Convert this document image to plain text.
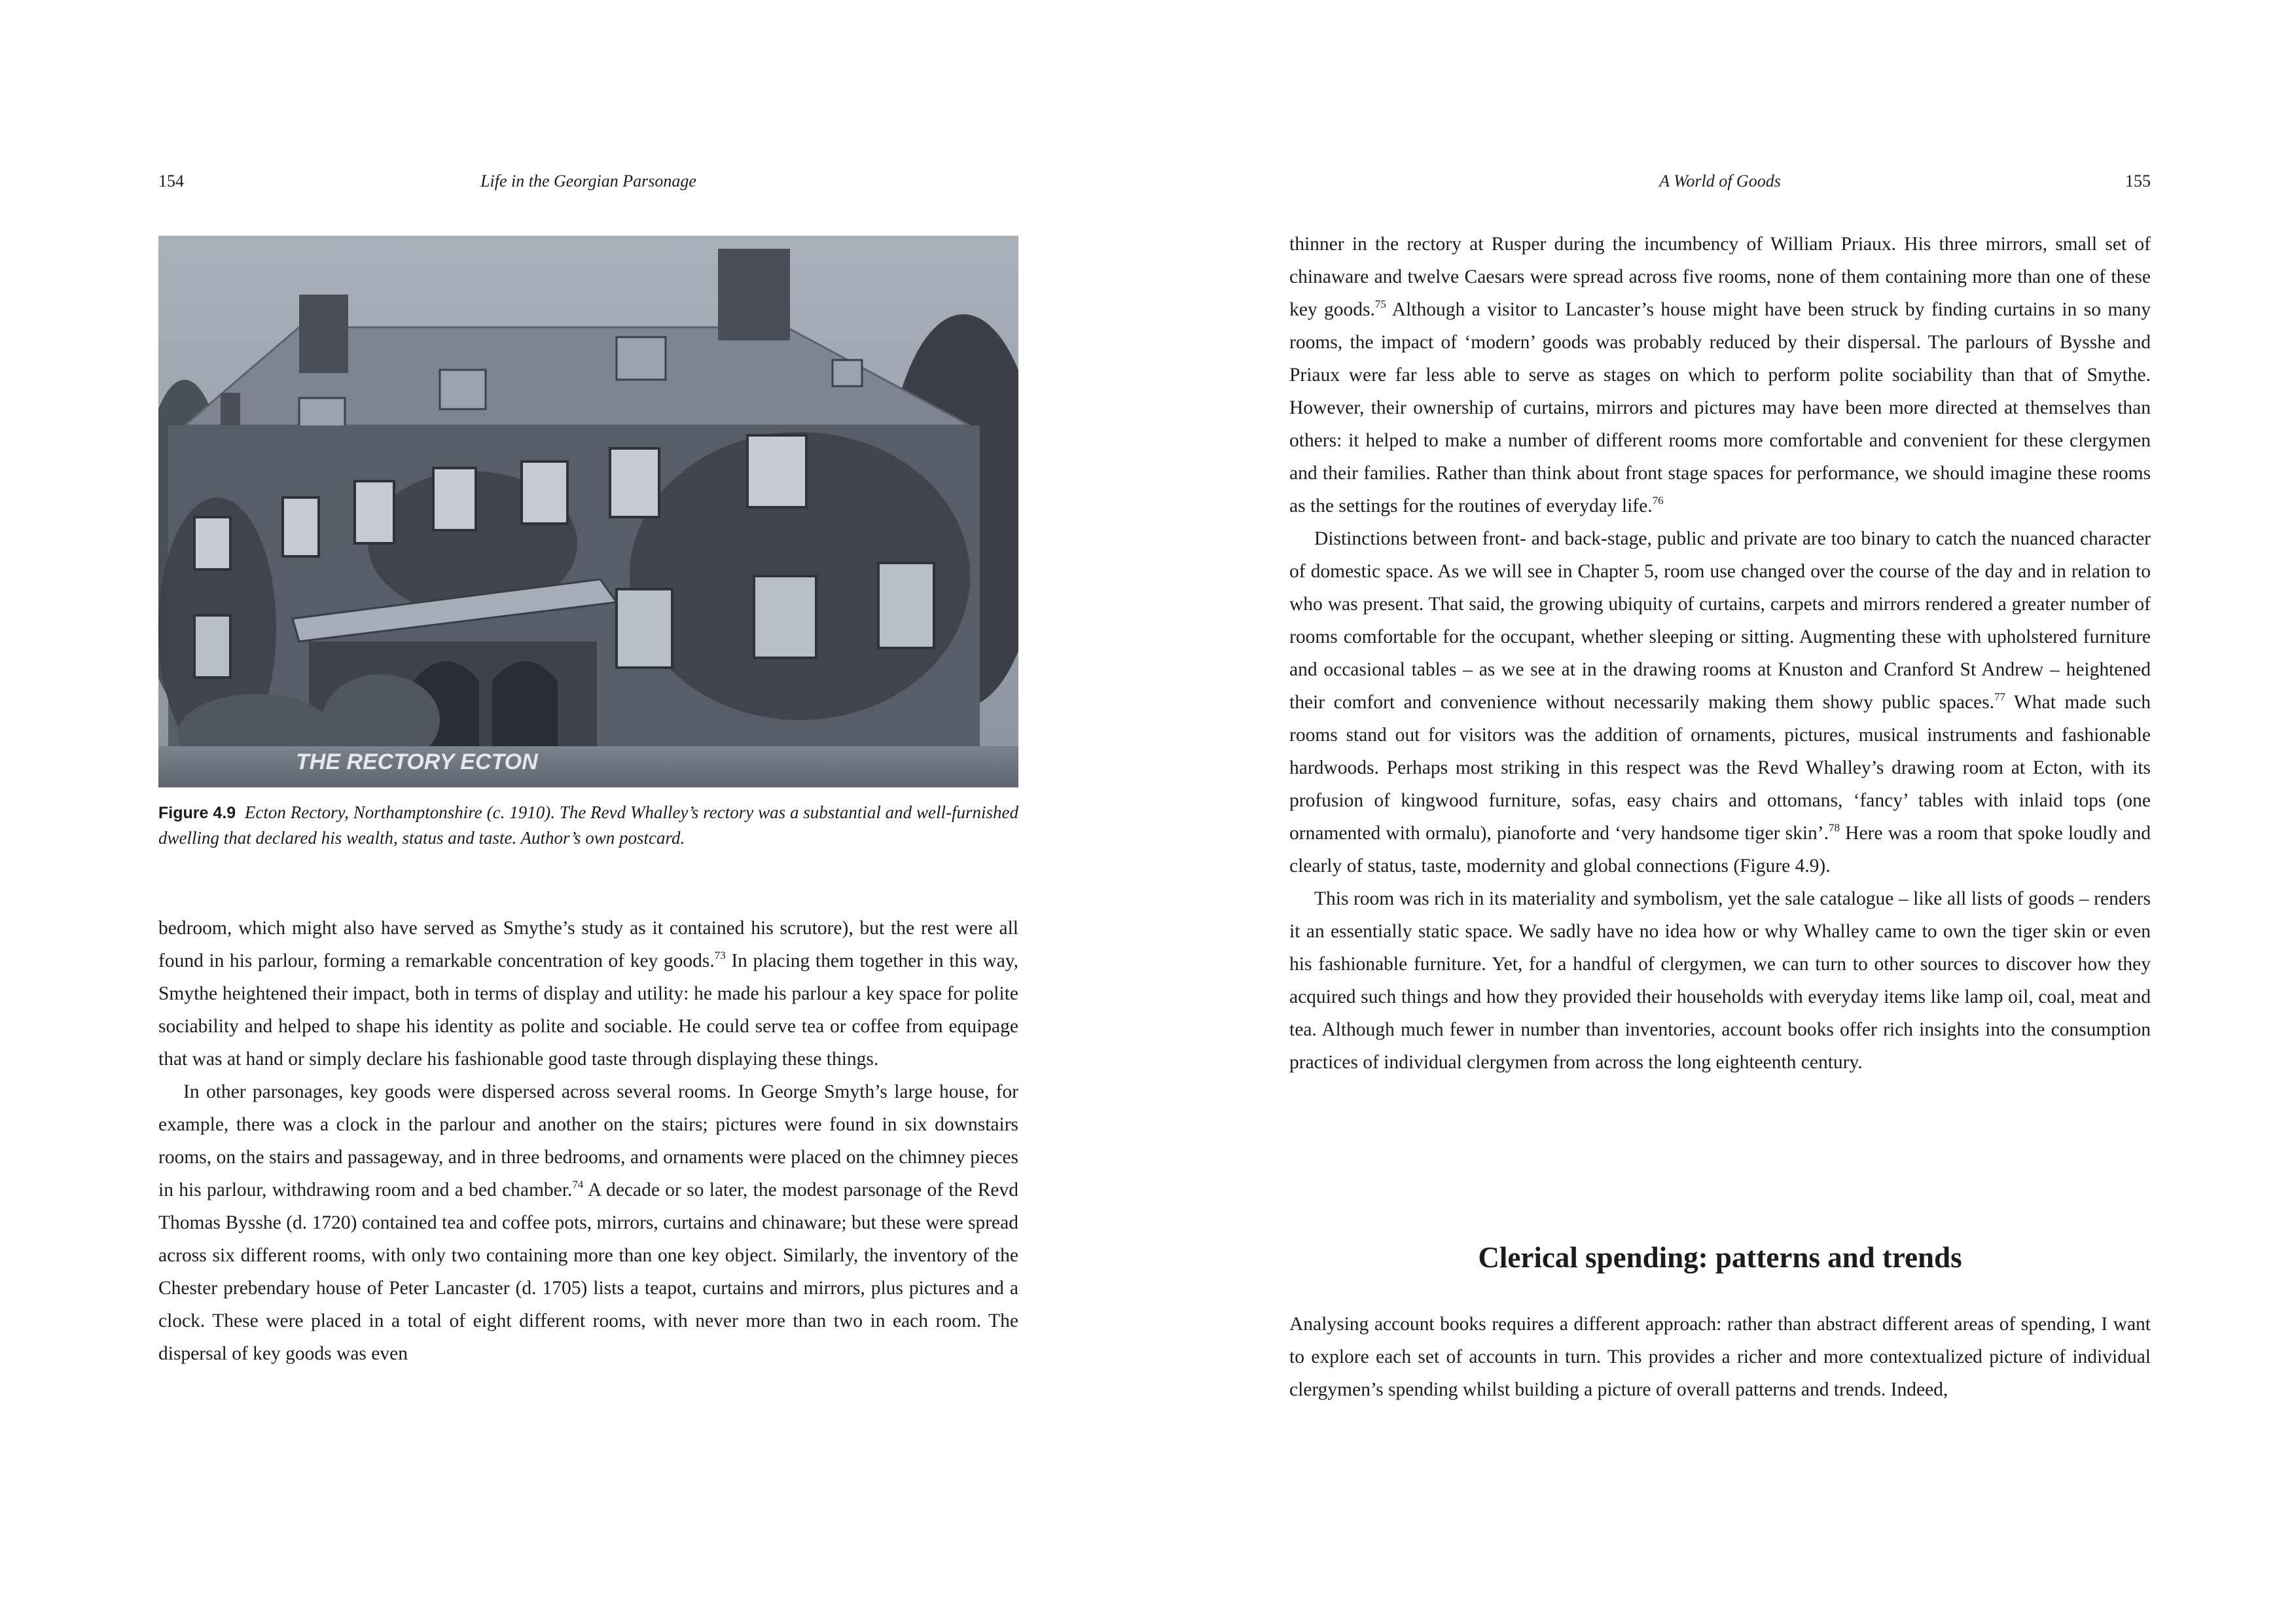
154	Life in the Georgian Parsonage
THE RECTORY ECTON
Figure 4.9 Ecton Rectory, Northamptonshire (c. 1910). The Revd Whalley’s rectory was a substantial and well-furnished dwelling that declared his wealth, status and taste. Author’s own postcard.

bedroom, which might also have served as Smythe’s study as it contained his scrutore), but the rest were all found in his parlour, forming a remarkable concentration of key goods.$^{73}$ In placing them together in this way, Smythe heightened their impact, both in terms of display and utility: he made his parlour a key space for polite sociability and helped to shape his identity as polite and sociable. He could serve tea or coffee from equipage that was at hand or simply declare his fashionable good taste through displaying these things.

In other parsonages, key goods were dispersed across several rooms. In George Smyth’s large house, for example, there was a clock in the parlour and another on the stairs; pictures were found in six downstairs rooms, on the stairs and passageway, and in three bedrooms, and ornaments were placed on the chimney pieces in his parlour, withdrawing room and a bed chamber.$^{74}$ A decade or so later, the modest parsonage of the Revd Thomas Bysshe (d. 1720) contained tea and coffee pots, mirrors, curtains and chinaware; but these were spread across six different rooms, with only two containing more than one key object. Similarly, the inventory of the Chester prebendary house of Peter Lancaster (d. 1705) lists a teapot, curtains and mirrors, plus pictures and a clock. These were placed in a total of eight different rooms, with never more than two in each room. The dispersal of key goods was even

A World of Goods	155

thinner in the rectory at Rusper during the incumbency of William Priaux. His three mirrors, small set of chinaware and twelve Caesars were spread across five rooms, none of them containing more than one of these key goods.$^{75}$ Although a visitor to Lancaster’s house might have been struck by finding curtains in so many rooms, the impact of ‘modern’ goods was probably reduced by their dispersal. The parlours of Bysshe and Priaux were far less able to serve as stages on which to perform polite sociability than that of Smythe. However, their ownership of curtains, mirrors and pictures may have been more directed at themselves than others: it helped to make a number of different rooms more comfortable and convenient for these clergymen and their families. Rather than think about front stage spaces for performance, we should imagine these rooms as the settings for the routines of everyday life.$^{76}$

Distinctions between front- and back-stage, public and private are too binary to catch the nuanced character of domestic space. As we will see in Chapter 5, room use changed over the course of the day and in relation to who was present. That said, the growing ubiquity of curtains, carpets and mirrors rendered a greater number of rooms comfortable for the occupant, whether sleeping or sitting. Augmenting these with upholstered furniture and occasional tables – as we see at in the drawing rooms at Knuston and Cranford St Andrew – heightened their comfort and convenience without necessarily making them showy public spaces.$^{77}$ What made such rooms stand out for visitors was the addition of ornaments, pictures, musical instruments and fashionable hardwoods. Perhaps most striking in this respect was the Revd Whalley’s drawing room at Ecton, with its profusion of kingwood furniture, sofas, easy chairs and ottomans, ‘fancy’ tables with inlaid tops (one ornamented with ormalu), pianoforte and ‘very handsome tiger skin’.$^{78}$ Here was a room that spoke loudly and clearly of status, taste, modernity and global connections (Figure 4.9).

This room was rich in its materiality and symbolism, yet the sale catalogue – like all lists of goods – renders it an essentially static space. We sadly have no idea how or why Whalley came to own the tiger skin or even his fashionable furniture. Yet, for a handful of clergymen, we can turn to other sources to discover how they acquired such things and how they provided their households with everyday items like lamp oil, coal, meat and tea. Although much fewer in number than inventories, account books offer rich insights into the consumption practices of individual clergymen from across the long eighteenth century.

Clerical spending: patterns and trends

Analysing account books requires a different approach: rather than abstract different areas of spending, I want to explore each set of accounts in turn. This provides a richer and more contextualized picture of individual clergymen’s spending whilst building a picture of overall patterns and trends. Indeed,
